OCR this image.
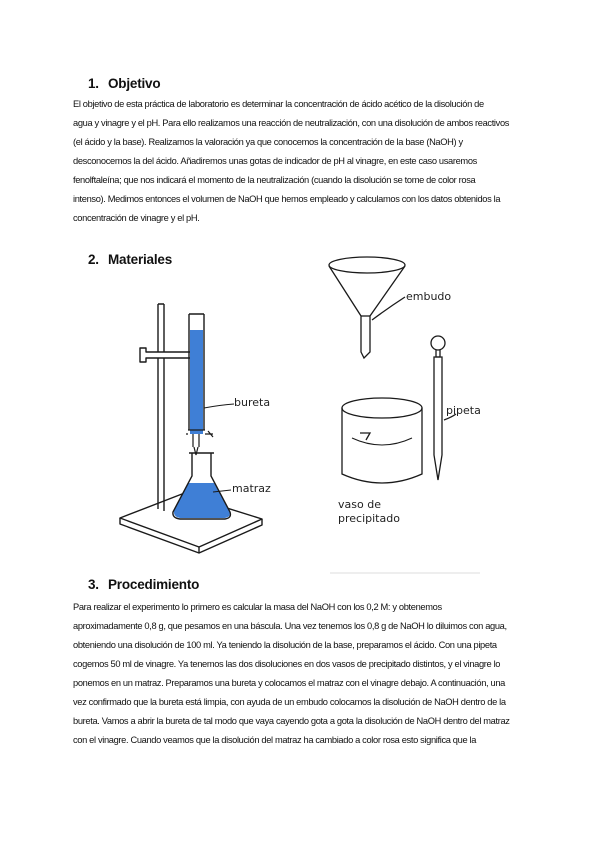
1. Objetivo
El objetivo de esta práctica de laboratorio es determinar la concentración de ácido acético de la disolución de
agua y vinagre y el pH. Para ello realizamos una reacción de neutralización, con una disolución de ambos reactivos
(el ácido y la base). Realizamos la valoración ya que conocemos la concentración de la base (NaOH) y
desconocemos la del ácido. Añadiremos unas gotas de indicador de pH al vinagre, en este caso usaremos
fenolftaleína; que nos indicará el momento de la neutralización (cuando la disolución se tome de color rosa
intenso). Medimos entonces el volumen de NaOH que hemos empleado y calculamos con los datos obtenidos la
concentración de vinagre y el pH.
2. Materiales
bureta
matraz
embudo
pipeta
vaso de
precipitado
3. Procedimiento
Para realizar el experimento lo primero es calcular la masa del NaOH con los 0,2 M: y obtenemos
aproximadamente 0,8 g, que pesamos en una báscula. Una vez tenemos los 0,8 g de NaOH lo diluimos con agua,
obteniendo una disolución de 100 ml. Ya teniendo la disolución de la base, preparamos el ácido. Con una pipeta
cogemos 50 ml de vinagre. Ya tenemos las dos disoluciones en dos vasos de precipitado distintos, y el vinagre lo
ponemos en un matraz. Preparamos una bureta y colocamos el matraz con el vinagre debajo. A continuación, una
vez confirmado que la bureta está limpia, con ayuda de un embudo colocamos la disolución de NaOH dentro de la
bureta. Vamos a abrir la bureta de tal modo que vaya cayendo gota a gota la disolución de NaOH dentro del matraz
con el vinagre. Cuando veamos que la disolución del matraz ha cambiado a color rosa esto significa que la
